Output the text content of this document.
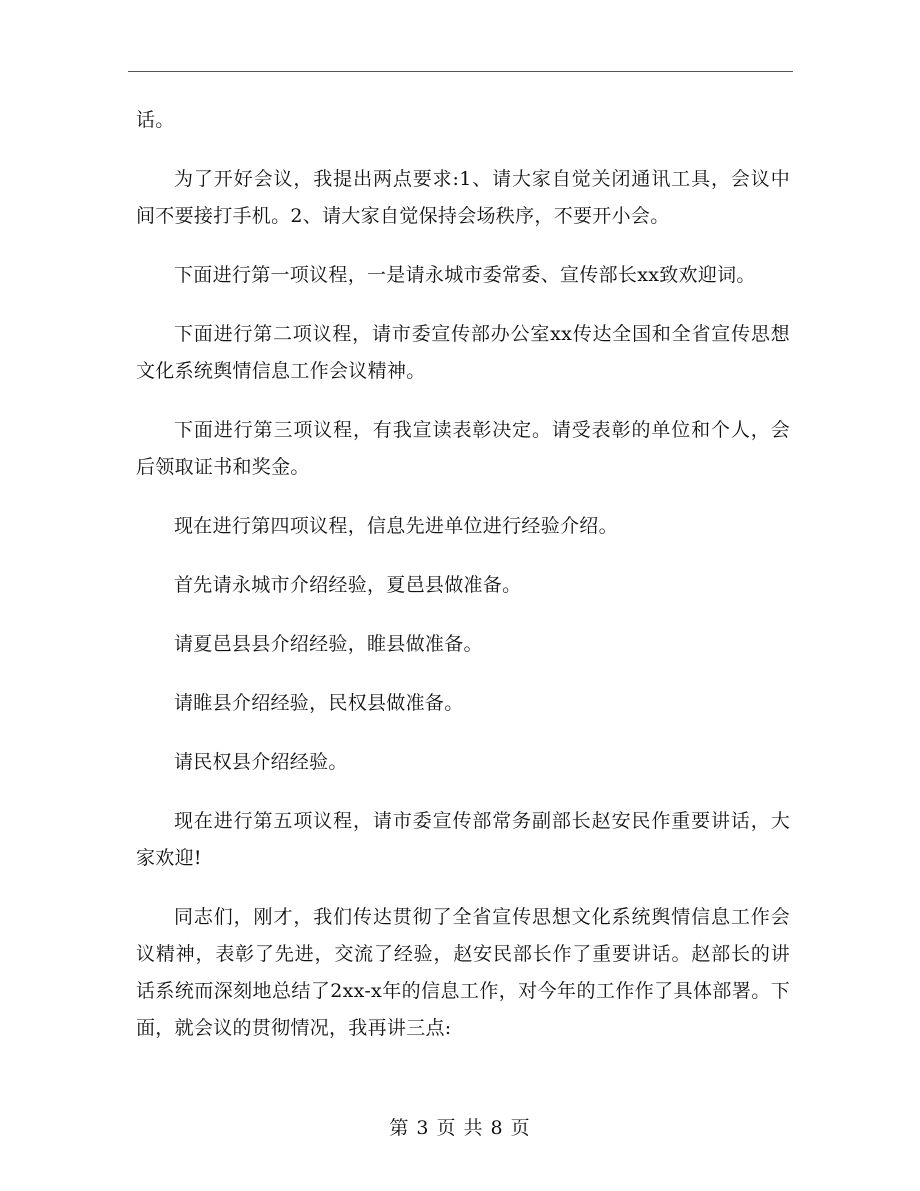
话。

为了开好会议，我提出两点要求:1、请大家自觉关闭通讯工具，会议中间不要接打手机。2、请大家自觉保持会场秩序，不要开小会。

下面进行第一项议程，一是请永城市委常委、宣传部长xx致欢迎词。

下面进行第二项议程，请市委宣传部办公室xx传达全国和全省宣传思想文化系统舆情信息工作会议精神。

下面进行第三项议程，有我宣读表彰决定。请受表彰的单位和个人，会后领取证书和奖金。

现在进行第四项议程，信息先进单位进行经验介绍。

首先请永城市介绍经验，夏邑县做准备。

请夏邑县县介绍经验，睢县做准备。

请睢县介绍经验，民权县做准备。

请民权县介绍经验。

现在进行第五项议程，请市委宣传部常务副部长赵安民作重要讲话，大家欢迎!

同志们，刚才，我们传达贯彻了全省宣传思想文化系统舆情信息工作会议精神，表彰了先进，交流了经验，赵安民部长作了重要讲话。赵部长的讲话系统而深刻地总结了2xx-x年的信息工作，对今年的工作作了具体部署。下面，就会议的贯彻情况，我再讲三点:

第 3 页 共 8 页
